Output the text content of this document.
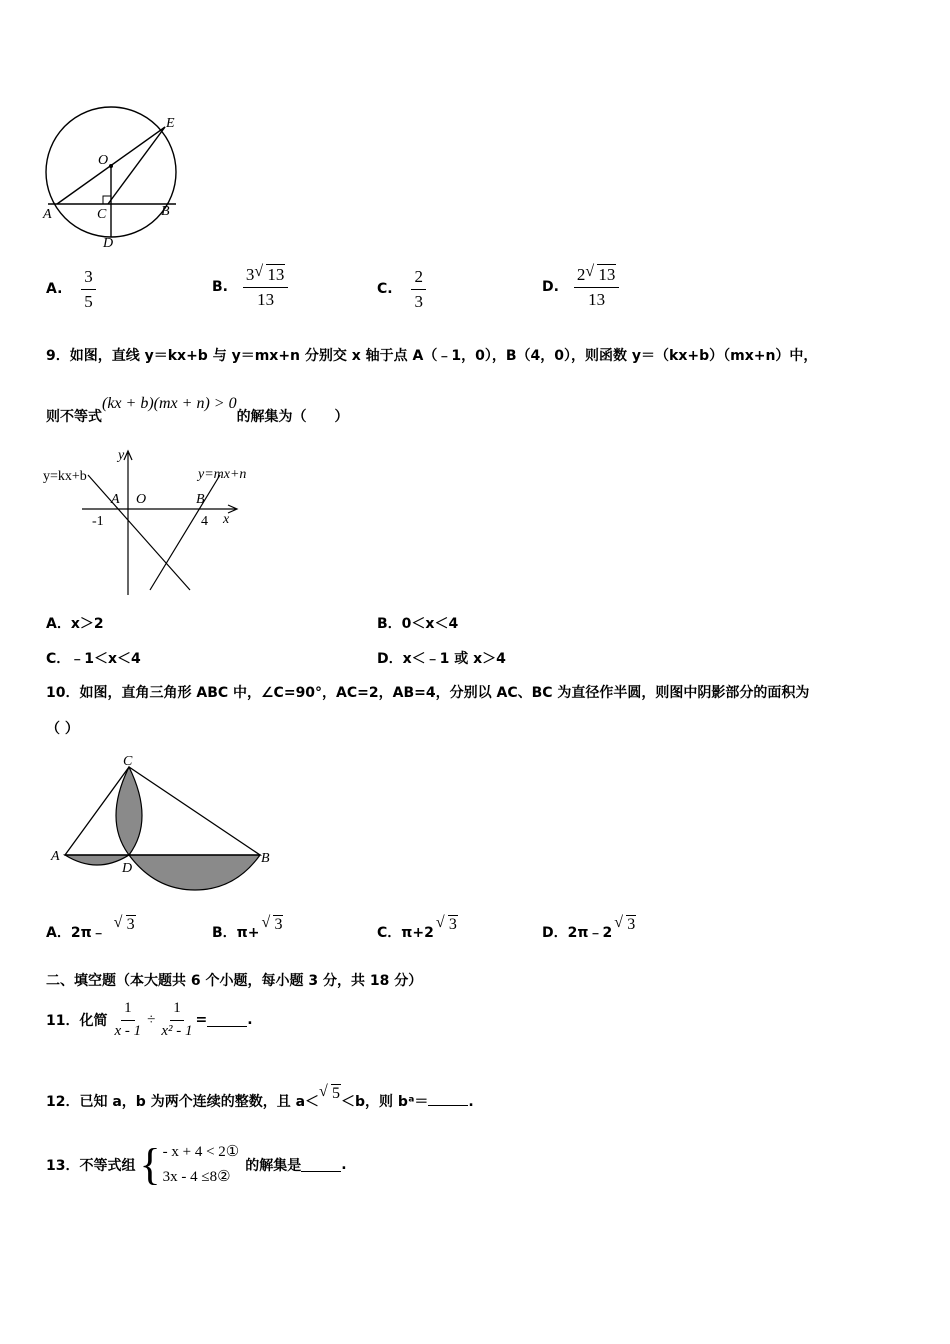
E
O
A	C	B
D
A. $\frac{3}{5}$	B. $\frac{3 √ 13}{13}$	C. $\frac{2}{3}$	D. $\frac{2 √ 13}{13}$
9．如图，直线 y＝kx+b 与 y＝mx+n 分别交 x 轴于点 A（﹣1，0），B（4，0），则函数 y＝（kx+b）（mx+n）中，
则不等式(kx + b)(mx + n) > 0的解集为（　　）
y
x
y=kx+b	y=mx+n
A O	B
-1	4
A．x＞2	B．0＜x＜4
C．﹣1＜x＜4	D．x＜﹣1 或 x＞4
10．如图，直角三角形 ABC 中，∠C=90°，AC=2，AB=4，分别以 AC、BC 为直径作半圆，则图中阴影部分的面积为
（ ）
C
A
D
B
A．2π﹣
√ 3	B．π+
√ 3	C．π+2
√ 3	D．2π﹣2
√ 3
二、填空题（本大题共 6 个小题，每小题 3 分，共 18 分）
11．化简 $\frac{1}{x - 1} \div \frac{1}{\text{x² - 1}}$ =	.
12．已知 a，b 为两个连续的整数，且 a＜
√ 5＜b，则 bᵃ＝	.
13．不等式组 { - x + 4 < 2①
3x - 4 ≤8②
的解集是	.
